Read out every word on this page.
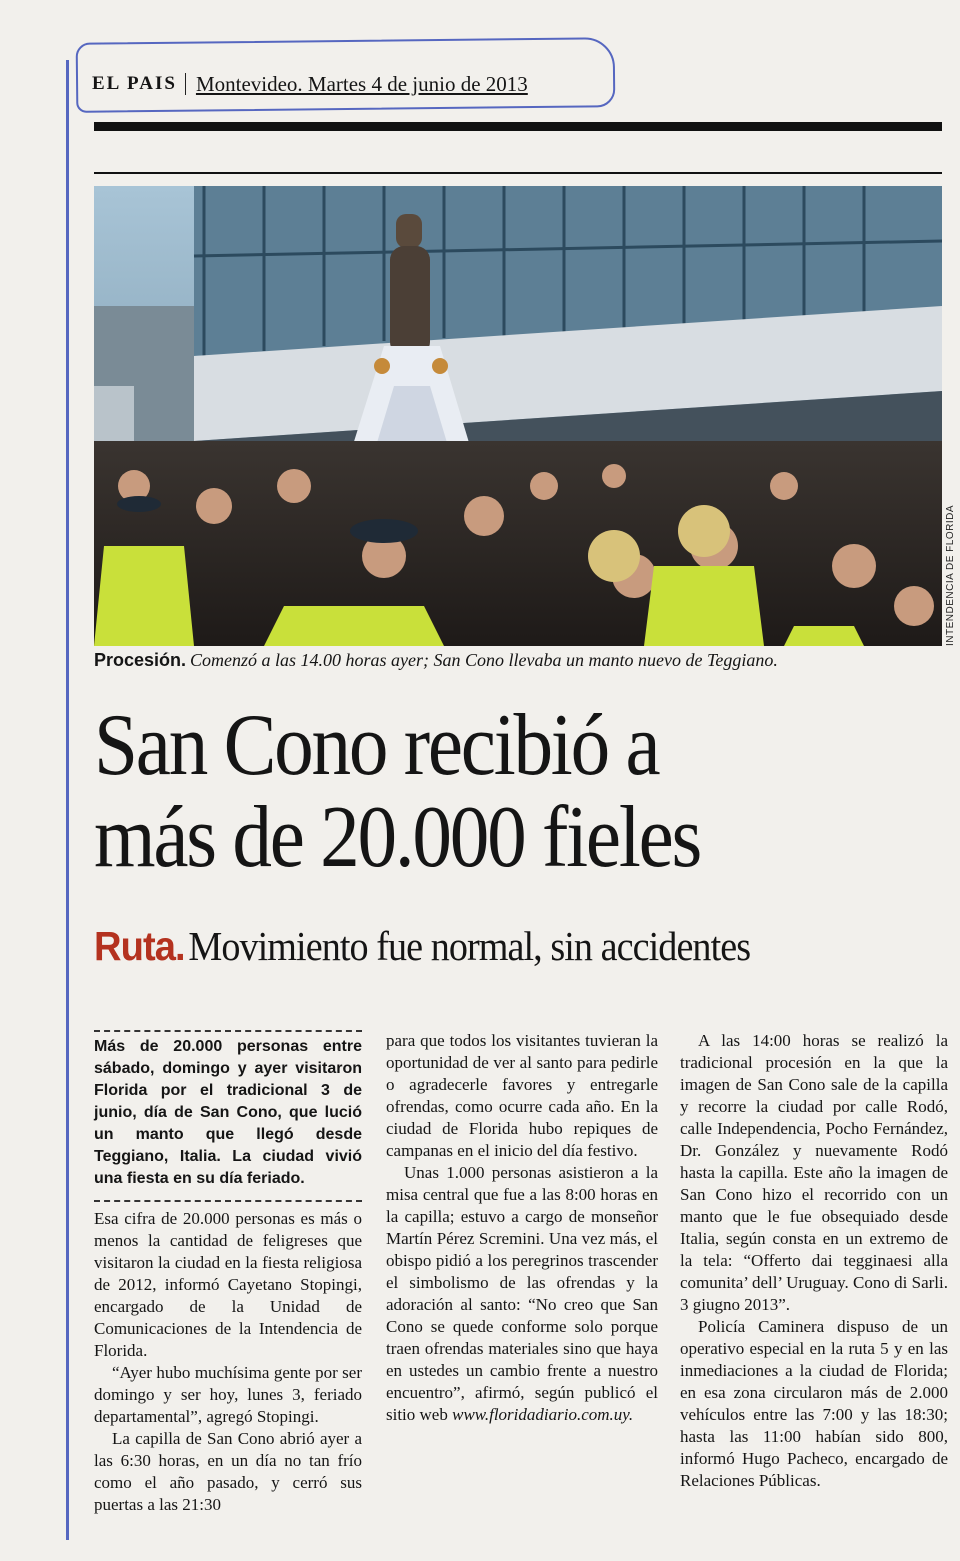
EL PAIS Montevideo. Martes 4 de junio de 2013
INTENDENCIA DE FLORIDA
Procesión. Comenzó a las 14.00 horas ayer; San Cono llevaba un manto nuevo de Teggiano.
San Cono recibió a
más de 20.000 fieles
Ruta.Movimiento fue normal, sin accidentes

Más de 20.000 personas entre sábado, domingo y ayer visitaron Florida por el tradicional 3 de junio, día de San Cono, que lució un manto que llegó desde Teggiano, Italia. La ciudad vivió una fiesta en su día feriado.

Esa cifra de 20.000 personas es más o menos la cantidad de feligreses que visitaron la ciudad en la fiesta religiosa de 2012, informó Cayetano Stopingi, encargado de la Unidad de Comunicaciones de la Intendencia de Florida.

“Ayer hubo muchísima gente por ser domingo y ser hoy, lunes 3, feriado departamental”, agregó Stopingi.

La capilla de San Cono abrió ayer a las 6:30 horas, en un día no tan frío como el año pasado, y cerró sus puertas a las 21:30

para que todos los visitantes tuvieran la oportunidad de ver al santo para pedirle o agradecerle favores y entregarle ofrendas, como ocurre cada año. En la ciudad de Florida hubo repiques de campanas en el inicio del día festivo.

Unas 1.000 personas asistieron a la misa central que fue a las 8:00 horas en la capilla; estuvo a cargo de monseñor Martín Pérez Scremini. Una vez más, el obispo pidió a los peregrinos trascender el simbolismo de las ofrendas y la adoración al santo: “No creo que San Cono se quede conforme solo porque traen ofrendas materiales sino que haya en ustedes un cambio frente a nuestro encuentro”, afirmó, según publicó el sitio web www.floridadiario.com.uy.

A las 14:00 horas se realizó la tradicional procesión en la que la imagen de San Cono sale de la capilla y recorre la ciudad por calle Rodó, calle Independencia, Pocho Fernández, Dr. González y nuevamente Rodó hasta la capilla. Este año la imagen de San Cono hizo el recorrido con un manto que le fue obsequiado desde Italia, según consta en un extremo de la tela: “Offerto dai tegginaesi alla comunita’ dell’ Uruguay. Cono di Sarli. 3 giugno 2013”.

Policía Caminera dispuso de un operativo especial en la ruta 5 y en las inmediaciones a la ciudad de Florida; en esa zona circularon más de 2.000 vehículos entre las 7:00 y las 18:30; hasta las 11:00 habían sido 800, informó Hugo Pacheco, encargado de Relaciones Públicas.
